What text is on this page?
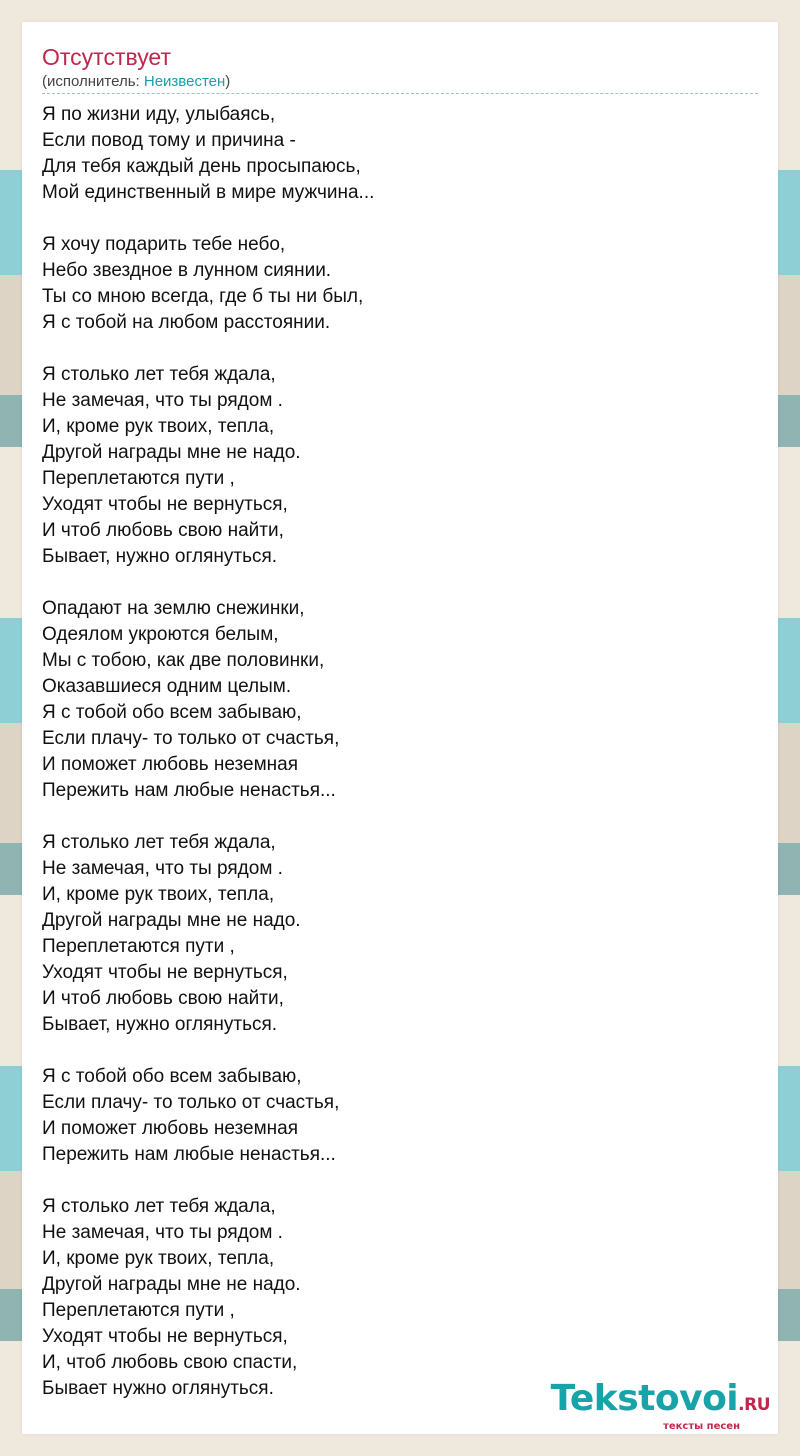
Отсутствует
(исполнитель: Неизвестен)
Я по жизни иду, улыбаясь,
Если повод тому и причина -
Для тебя каждый день просыпаюсь,
Мой единственный в мире мужчина...
Я хочу подарить тебе небо,
Небо звездное в лунном сиянии.
Ты со мною всегда, где б ты ни был,
Я с тобой на любом расстоянии.
Я столько лет тебя ждала,
Не замечая, что ты рядом .
И, кроме рук твоих, тепла,
Другой награды мне не надо.
Переплетаются пути ,
Уходят чтобы не вернуться,
И чтоб любовь свою найти,
Бывает, нужно оглянуться.
Опадают на землю снежинки,
Одеялом укроются белым,
Мы с тобою, как две половинки,
Оказавшиеся одним целым.
Я с тобой обо всем забываю,
Если плачу- то только от счастья,
И поможет любовь неземная
Пережить нам любые ненастья...
Я столько лет тебя ждала,
Не замечая, что ты рядом .
И, кроме рук твоих, тепла,
Другой награды мне не надо.
Переплетаются пути ,
Уходят чтобы не вернуться,
И чтоб любовь свою найти,
Бывает, нужно оглянуться.
Я с тобой обо всем забываю,
Если плачу- то только от счастья,
И поможет любовь неземная
Пережить нам любые ненастья...
Я столько лет тебя ждала,
Не замечая, что ты рядом .
И, кроме рук твоих, тепла,
Другой награды мне не надо.
Переплетаются пути ,
Уходят чтобы не вернуться,
И, чтоб любовь свою спасти,
Бывает нужно оглянуться.	Tekstovoi.RU
тексты песен
